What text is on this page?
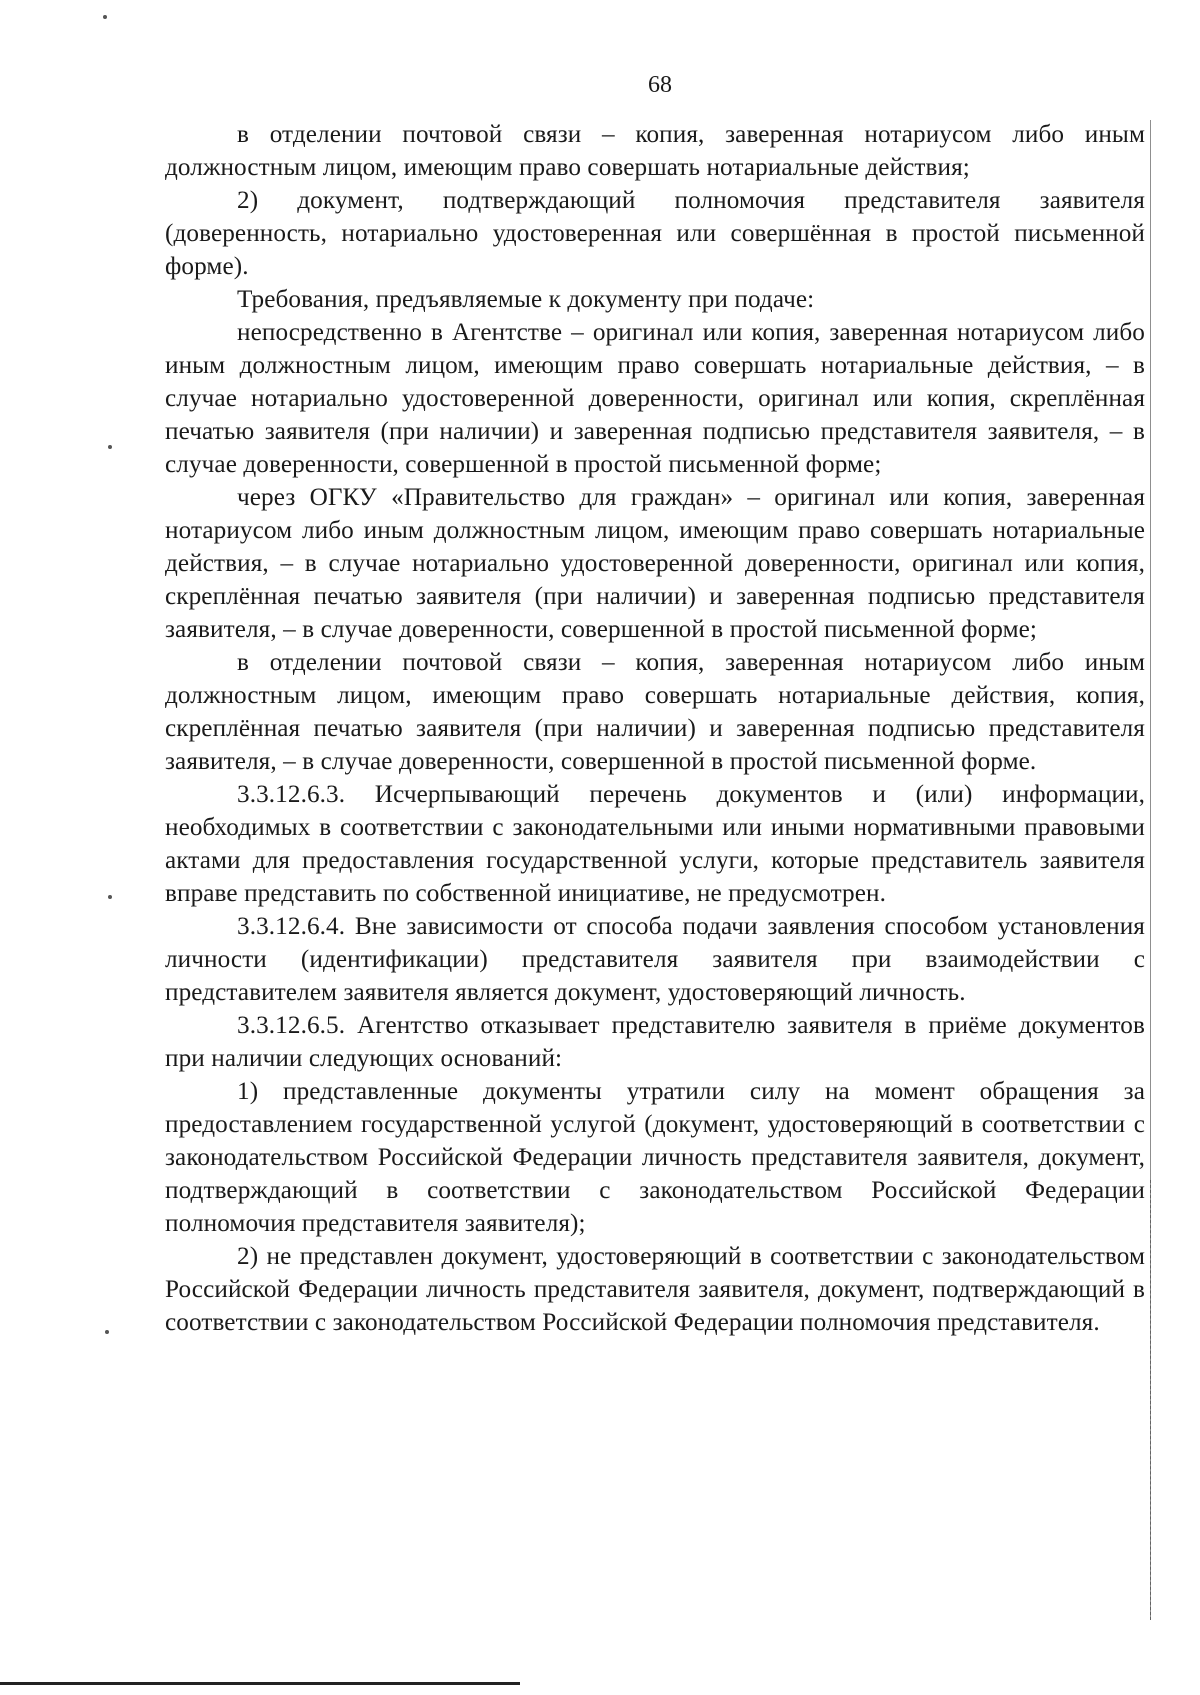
68

в отделении почтовой связи – копия, заверенная нотариусом либо иным должностным лицом, имеющим право совершать нотариальные действия;

2) документ, подтверждающий полномочия представителя заявителя (доверенность, нотариально удостоверенная или совершённая в простой письменной форме).

Требования, предъявляемые к документу при подаче:

непосредственно в Агентстве – оригинал или копия, заверенная нотариусом либо иным должностным лицом, имеющим право совершать нотариальные действия, – в случае нотариально удостоверенной доверенности, оригинал или копия, скреплённая печатью заявителя (при наличии) и заверенная подписью представителя заявителя, – в случае доверенности, совершенной в простой письменной форме;

через ОГКУ «Правительство для граждан» – оригинал или копия, заверенная нотариусом либо иным должностным лицом, имеющим право совершать нотариальные действия, – в случае нотариально удостоверенной доверенности, оригинал или копия, скреплённая печатью заявителя (при наличии) и заверенная подписью представителя заявителя, – в случае доверенности, совершенной в простой письменной форме;

в отделении почтовой связи – копия, заверенная нотариусом либо иным должностным лицом, имеющим право совершать нотариальные действия, копия, скреплённая печатью заявителя (при наличии) и заверенная подписью представителя заявителя, – в случае доверенности, совершенной в простой письменной форме.

3.3.12.6.3. Исчерпывающий перечень документов и (или) информации, необходимых в соответствии с законодательными или иными нормативными правовыми актами для предоставления государственной услуги, которые представитель заявителя вправе представить по собственной инициативе, не предусмотрен.

3.3.12.6.4. Вне зависимости от способа подачи заявления способом установления личности (идентификации) представителя заявителя при взаимодействии с представителем заявителя является документ, удостоверяющий личность.

3.3.12.6.5. Агентство отказывает представителю заявителя в приёме документов при наличии следующих оснований:

1) представленные документы утратили силу на момент обращения за предоставлением государственной услугой (документ, удостоверяющий в соответствии с законодательством Российской Федерации личность представителя заявителя, документ, подтверждающий в соответствии с законодательством Российской Федерации полномочия представителя заявителя);

2) не представлен документ, удостоверяющий в соответствии с законодательством Российской Федерации личность представителя заявителя, документ, подтверждающий в соответствии с законодательством Российской Федерации полномочия представителя.
